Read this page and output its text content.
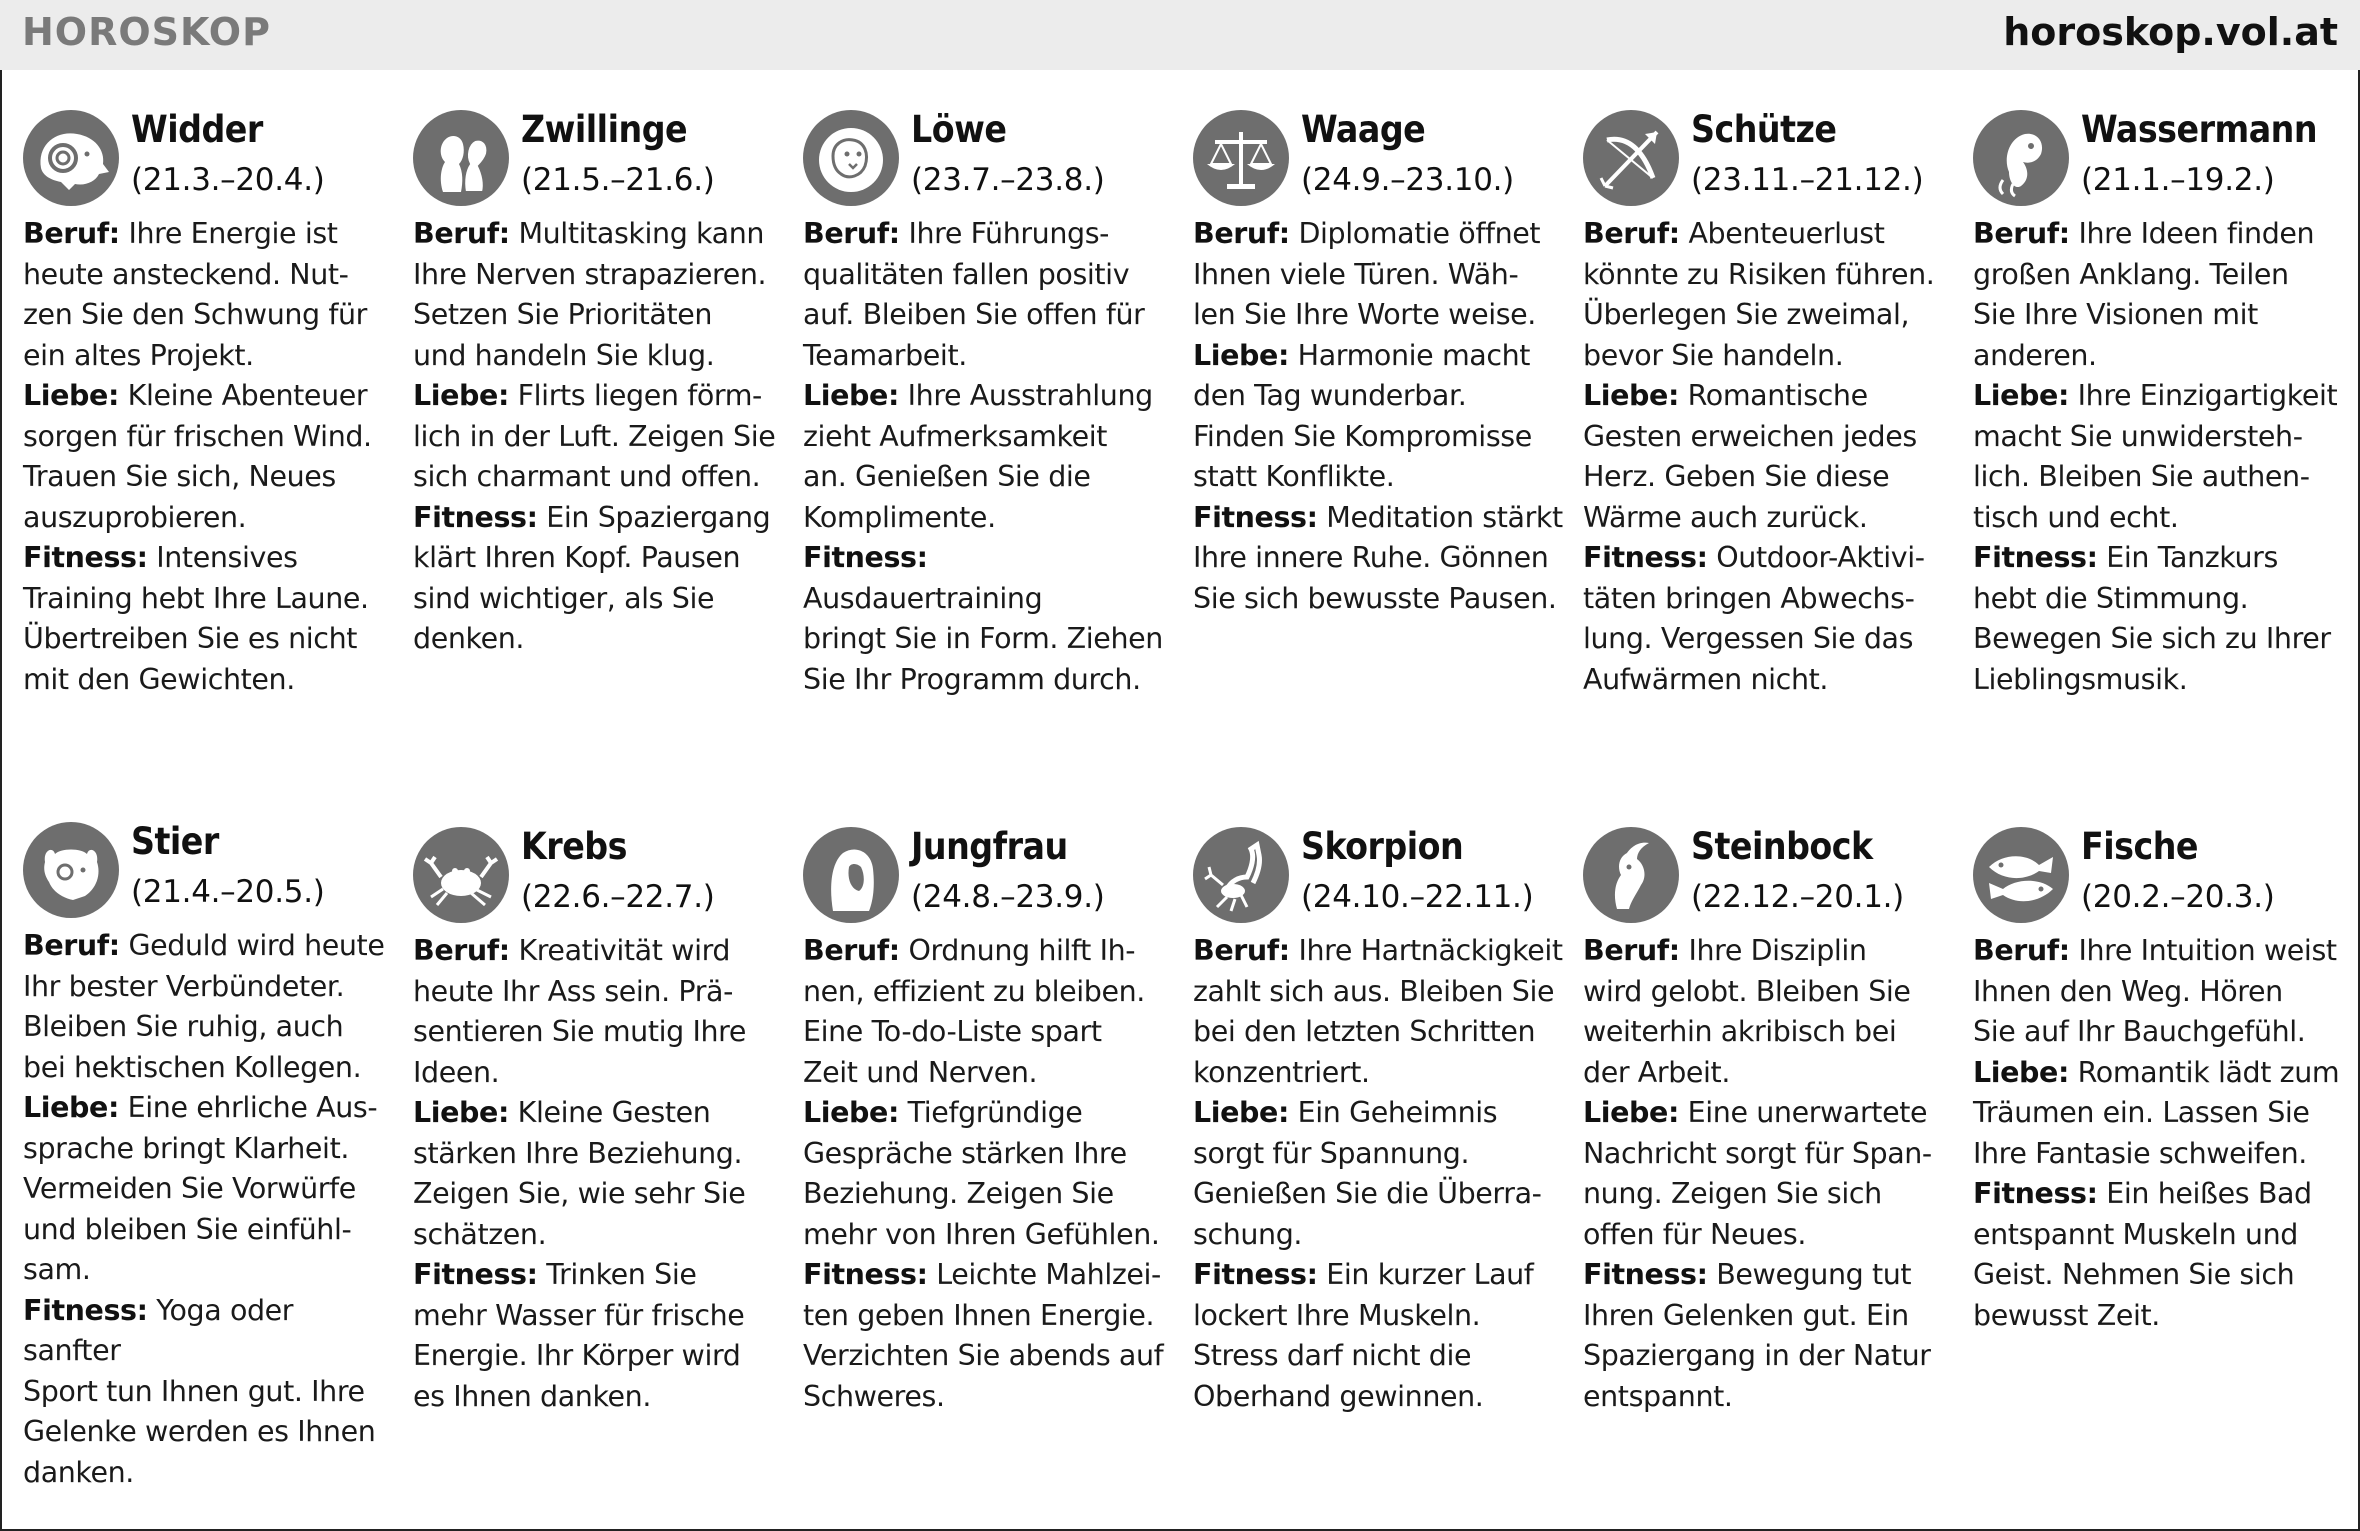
HOROSKOP	horoskop.vol.at
Widder
(21.3.–20.4.)

Beruf: Ihre Energie ist

heute ansteckend. Nut-

zen Sie den Schwung für

ein altes Projekt.

Liebe: Kleine Abenteuer

sorgen für frischen Wind.

Trauen Sie sich, Neues

auszuprobieren.

Fitness: Intensives

Training hebt Ihre Laune.

Übertreiben Sie es nicht

mit den Gewichten.

Zwillinge
(21.5.–21.6.)

Beruf: Multitasking kann

Ihre Nerven strapazieren.

Setzen Sie Prioritäten

und handeln Sie klug.

Liebe: Flirts liegen förm-

lich in der Luft. Zeigen Sie

sich charmant und offen.

Fitness: Ein Spaziergang

klärt Ihren Kopf. Pausen

sind wichtiger, als Sie

denken.

Löwe
(23.7.–23.8.)

Beruf: Ihre Führungs-

qualitäten fallen positiv

auf. Bleiben Sie offen für

Teamarbeit.

Liebe: Ihre Ausstrahlung

zieht Aufmerksamkeit

an. Genießen Sie die

Komplimente.

Fitness: Ausdauertraining

bringt Sie in Form. Ziehen

Sie Ihr Programm durch.

Waage
(24.9.–23.10.)

Beruf: Diplomatie öffnet

Ihnen viele Türen. Wäh-

len Sie Ihre Worte weise.

Liebe: Harmonie macht

den Tag wunderbar.

Finden Sie Kompromisse

statt Konflikte.

Fitness: Meditation stärkt

Ihre innere Ruhe. Gönnen

Sie sich bewusste Pausen.

Schütze
(23.11.–21.12.)

Beruf: Abenteuerlust

könnte zu Risiken führen.

Überlegen Sie zweimal,

bevor Sie handeln.

Liebe: Romantische

Gesten erweichen jedes

Herz. Geben Sie diese

Wärme auch zurück.

Fitness: Outdoor-Aktivi-

täten bringen Abwechs-

lung. Vergessen Sie das

Aufwärmen nicht.

Wassermann
(21.1.–19.2.)

Beruf: Ihre Ideen finden

großen Anklang. Teilen

Sie Ihre Visionen mit

anderen.

Liebe: Ihre Einzigartigkeit

macht Sie unwidersteh-

lich. Bleiben Sie authen-

tisch und echt.

Fitness: Ein Tanzkurs

hebt die Stimmung.

Bewegen Sie sich zu Ihrer

Lieblingsmusik.

Stier
(21.4.–20.5.)

Beruf: Geduld wird heute

Ihr bester Verbündeter.

Bleiben Sie ruhig, auch

bei hektischen Kollegen.

Liebe: Eine ehrliche Aus-

sprache bringt Klarheit.

Vermeiden Sie Vorwürfe

und bleiben Sie einfühl-

sam.

Fitness: Yoga oder sanfter

Sport tun Ihnen gut. Ihre

Gelenke werden es Ihnen

danken.

Krebs
(22.6.–22.7.)

Beruf: Kreativität wird

heute Ihr Ass sein. Prä-

sentieren Sie mutig Ihre

Ideen.

Liebe: Kleine Gesten

stärken Ihre Beziehung.

Zeigen Sie, wie sehr Sie

schätzen.

Fitness: Trinken Sie

mehr Wasser für frische

Energie. Ihr Körper wird

es Ihnen danken.

Jungfrau
(24.8.–23.9.)

Beruf: Ordnung hilft Ih-

nen, effizient zu bleiben.

Eine To-do-Liste spart

Zeit und Nerven.

Liebe: Tiefgründige

Gespräche stärken Ihre

Beziehung. Zeigen Sie

mehr von Ihren Gefühlen.

Fitness: Leichte Mahlzei-

ten geben Ihnen Energie.

Verzichten Sie abends auf

Schweres.

Skorpion
(24.10.–22.11.)

Beruf: Ihre Hartnäckigkeit

zahlt sich aus. Bleiben Sie

bei den letzten Schritten

konzentriert.

Liebe: Ein Geheimnis

sorgt für Spannung.

Genießen Sie die Überra-

schung.

Fitness: Ein kurzer Lauf

lockert Ihre Muskeln.

Stress darf nicht die

Oberhand gewinnen.

Steinbock
(22.12.–20.1.)

Beruf: Ihre Disziplin

wird gelobt. Bleiben Sie

weiterhin akribisch bei

der Arbeit.

Liebe: Eine unerwartete

Nachricht sorgt für Span-

nung. Zeigen Sie sich

offen für Neues.

Fitness: Bewegung tut

Ihren Gelenken gut. Ein

Spaziergang in der Natur

entspannt.

Fische
(20.2.–20.3.)

Beruf: Ihre Intuition weist

Ihnen den Weg. Hören

Sie auf Ihr Bauchgefühl.

Liebe: Romantik lädt zum

Träumen ein. Lassen Sie

Ihre Fantasie schweifen.

Fitness: Ein heißes Bad

entspannt Muskeln und

Geist. Nehmen Sie sich

bewusst Zeit.
